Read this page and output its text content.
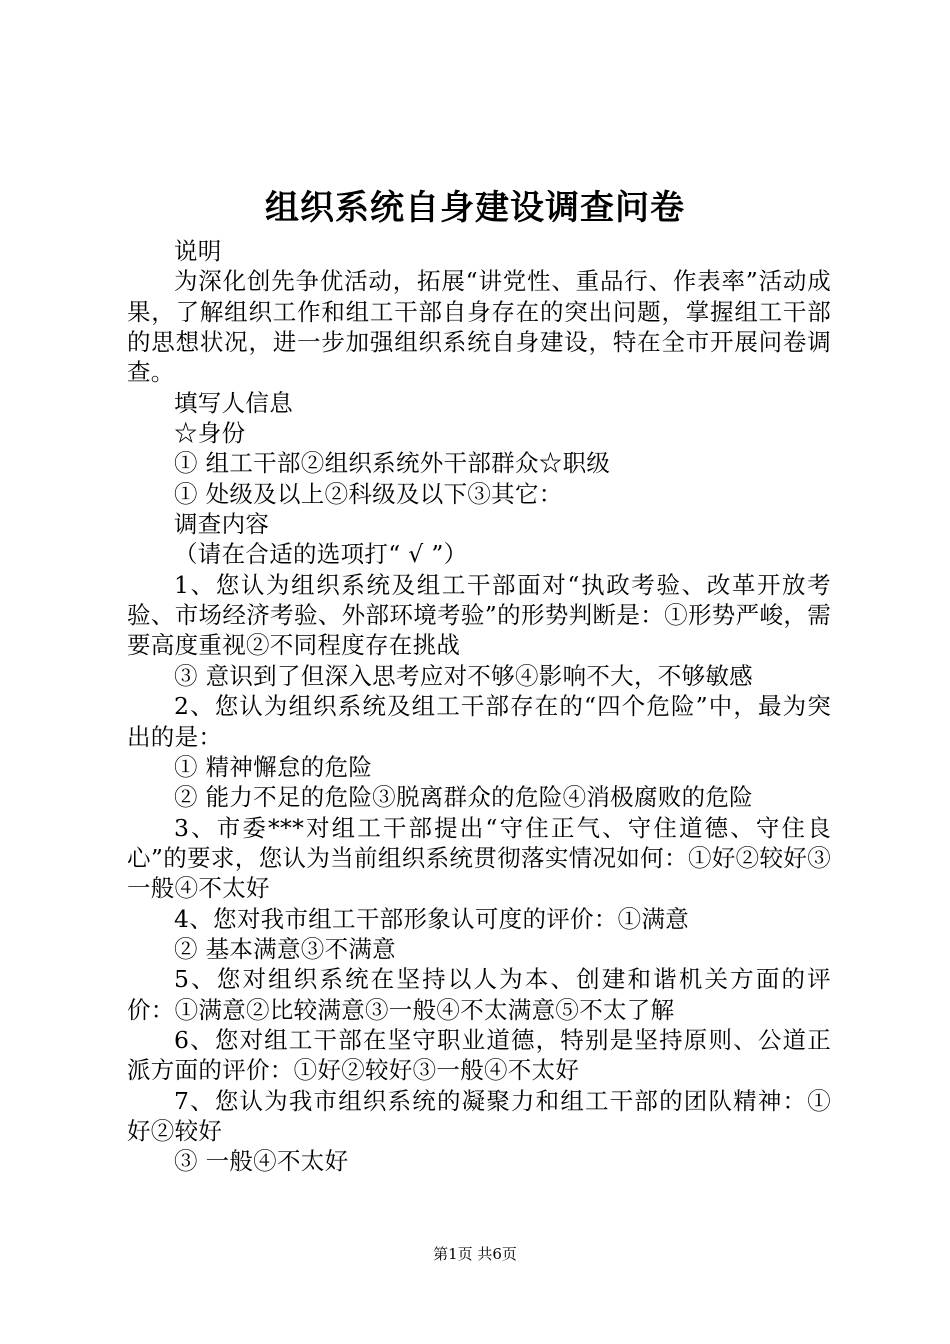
组织系统自身建设调查问卷

说明

为深化创先争优活动，拓展“讲党性、重品行、作表率”活动成果，了解组织工作和组工干部自身存在的突出问题，掌握组工干部的思想状况，进一步加强组织系统自身建设，特在全市开展问卷调查。

填写人信息

☆身份

① 组工干部②组织系统外干部群众☆职级

① 处级及以上②科级及以下③其它：

调查内容

（请在合适的选项打“ √ ”）

1、您认为组织系统及组工干部面对“执政考验、改革开放考验、市场经济考验、外部环境考验”的形势判断是：①形势严峻，需要高度重视②不同程度存在挑战

③ 意识到了但深入思考应对不够④影响不大，不够敏感

2、您认为组织系统及组工干部存在的“四个危险”中，最为突出的是：

① 精神懈怠的危险

② 能力不足的危险③脱离群众的危险④消极腐败的危险

3、市委***对组工干部提出“守住正气、守住道德、守住良心”的要求，您认为当前组织系统贯彻落实情况如何：①好②较好③一般④不太好

4、您对我市组工干部形象认可度的评价：①满意

② 基本满意③不满意

5、您对组织系统在坚持以人为本、创建和谐机关方面的评价：①满意②比较满意③一般④不太满意⑤不太了解

6、您对组工干部在坚守职业道德，特别是坚持原则、公道正派方面的评价：①好②较好③一般④不太好

7、您认为我市组织系统的凝聚力和组工干部的团队精神：①好②较好

③ 一般④不太好

第1页 共6页
